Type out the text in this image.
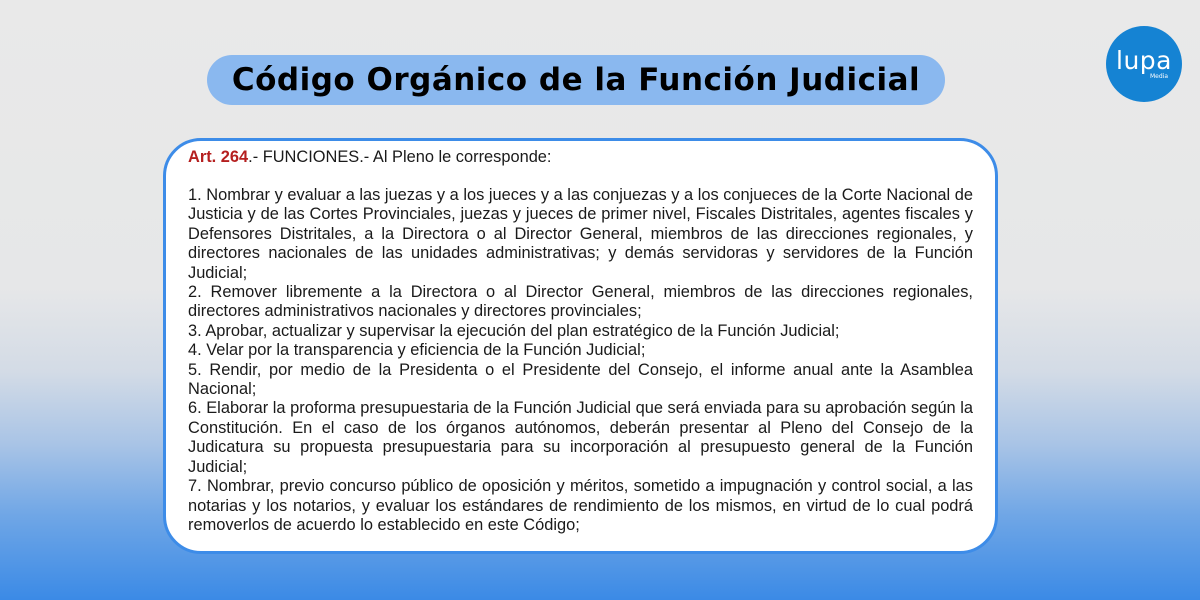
Código Orgánico de la Función Judicial
lupa
Media

Art. 264.- FUNCIONES.- Al Pleno le corresponde:

1. Nombrar y evaluar a las juezas y a los jueces y a las conjuezas y a los conjueces de la Corte Nacional de Justicia y de las Cortes Provinciales, juezas y jueces de primer nivel, Fiscales Distritales, agentes fiscales y Defensores Distritales, a la Directora o al Director General, miembros de las direcciones regionales, y directores nacionales de las unidades administrativas; y demás servidoras y servidores de la Función Judicial;

2. Remover libremente a la Directora o al Director General, miembros de las direcciones regionales, directores administrativos nacionales y directores provinciales;

3. Aprobar, actualizar y supervisar la ejecución del plan estratégico de la Función Judicial;

4. Velar por la transparencia y eficiencia de la Función Judicial;

5. Rendir, por medio de la Presidenta o el Presidente del Consejo, el informe anual ante la Asamblea Nacional;

6. Elaborar la proforma presupuestaria de la Función Judicial que será enviada para su aprobación según la Constitución. En el caso de los órganos autónomos, deberán presentar al Pleno del Consejo de la Judicatura su propuesta presupuestaria para su incorporación al presupuesto general de la Función Judicial;

7. Nombrar, previo concurso público de oposición y méritos, sometido a impugnación y control social, a las notarias y los notarios, y evaluar los estándares de rendimiento de los mismos, en virtud de lo cual podrá removerlos de acuerdo lo establecido en este Código;
